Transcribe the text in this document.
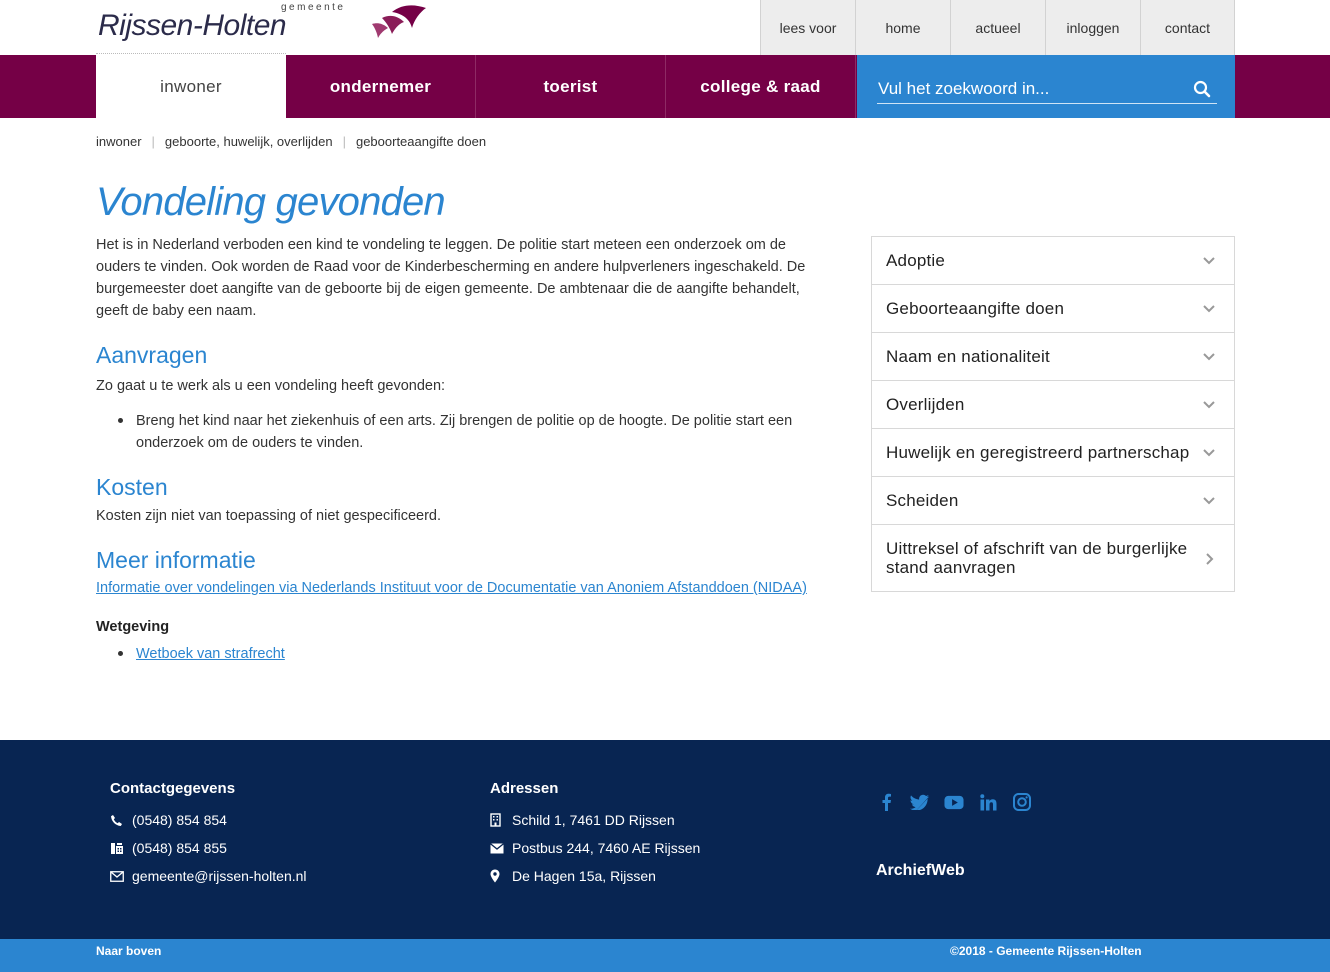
gemeente
Rijssen-Holten	lees voor	home	actueel	inloggen	contact
inwoner	ondernemer	toerist	college & raad
Vul het zoekwoord in...
inwoner | geboorte, huwelijk, overlijden | geboorteaangifte doen
Vondeling gevonden

Het is in Nederland verboden een kind te vondeling te leggen. De politie start meteen een onderzoek om de ouders te vinden. Ook worden de Raad voor de Kinderbescherming en andere hulpverleners ingeschakeld. De burgemeester doet aangifte van de geboorte bij de eigen gemeente. De ambtenaar die de aangifte behandelt, geeft de baby een naam.

Aanvragen

Zo gaat u te werk als u een vondeling heeft gevonden:

Breng het kind naar het ziekenhuis of een arts. Zij brengen de politie op de hoogte. De politie start een onderzoek om de ouders te vinden.
Kosten

Kosten zijn niet van toepassing of niet gespecificeerd.

Meer informatie
Informatie over vondelingen via Nederlands Instituut voor de Documentatie van Anoniem Afstanddoen (NIDAA)
Wetgeving
Wetboek van strafrecht
Adoptie
Geboorteaangifte doen
Naam en nationaliteit
Overlijden
Huwelijk en geregistreerd partnerschap
Scheiden
Uittreksel of afschrift van de burgerlijke stand aanvragen
Contactgegevens
(0548) 854 854
(0548) 854 855
gemeente@rijssen-holten.nl
Adressen
Schild 1, 7461 DD Rijssen
Postbus 244, 7460 AE Rijssen
De Hagen 15a, Rijssen	ArchiefWeb
Naar boven	©2018 - Gemeente Rijssen-Holten
